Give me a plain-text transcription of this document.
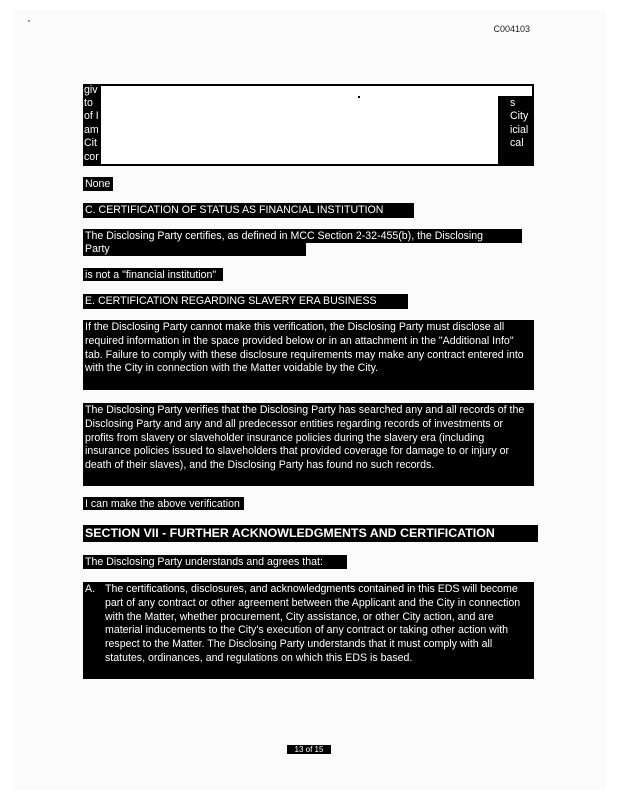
C004103
giv
to
of I
am
Cit
cor
s
City
icial
cal
None
C. CERTIFICATION OF STATUS AS FINANCIAL INSTITUTION
The Disclosing Party certifies, as defined in MCC Section 2-32-455(b), the Disclosing
Party
is not a "financial institution"
E. CERTIFICATION REGARDING SLAVERY ERA BUSINESS
If the Disclosing Party cannot make this verification, the Disclosing Party must disclose all required information in the space provided below or in an attachment in the "Additional Info" tab. Failure to comply with these disclosure requirements may make any contract entered into with the City in connection with the Matter voidable by the City.
The Disclosing Party verifies that the Disclosing Party has searched any and all records of the Disclosing Party and any and all predecessor entities regarding records of investments or profits from slavery or slaveholder insurance policies during the slavery era (including insurance policies issued to slaveholders that provided coverage for damage to or injury or death of their slaves), and the Disclosing Party has found no such records.
I can make the above verification
SECTION VII - FURTHER ACKNOWLEDGMENTS AND CERTIFICATION
The Disclosing Party understands and agrees that:
A. The certifications, disclosures, and acknowledgments contained in this EDS will become part of any contract or other agreement between the Applicant and the City in connection with the Matter, whether procurement, City assistance, or other City action, and are material inducements to the City's execution of any contract or taking other action with respect to the Matter. The Disclosing Party understands that it must comply with all statutes, ordinances, and regulations on which this EDS is based.
13 of 15
